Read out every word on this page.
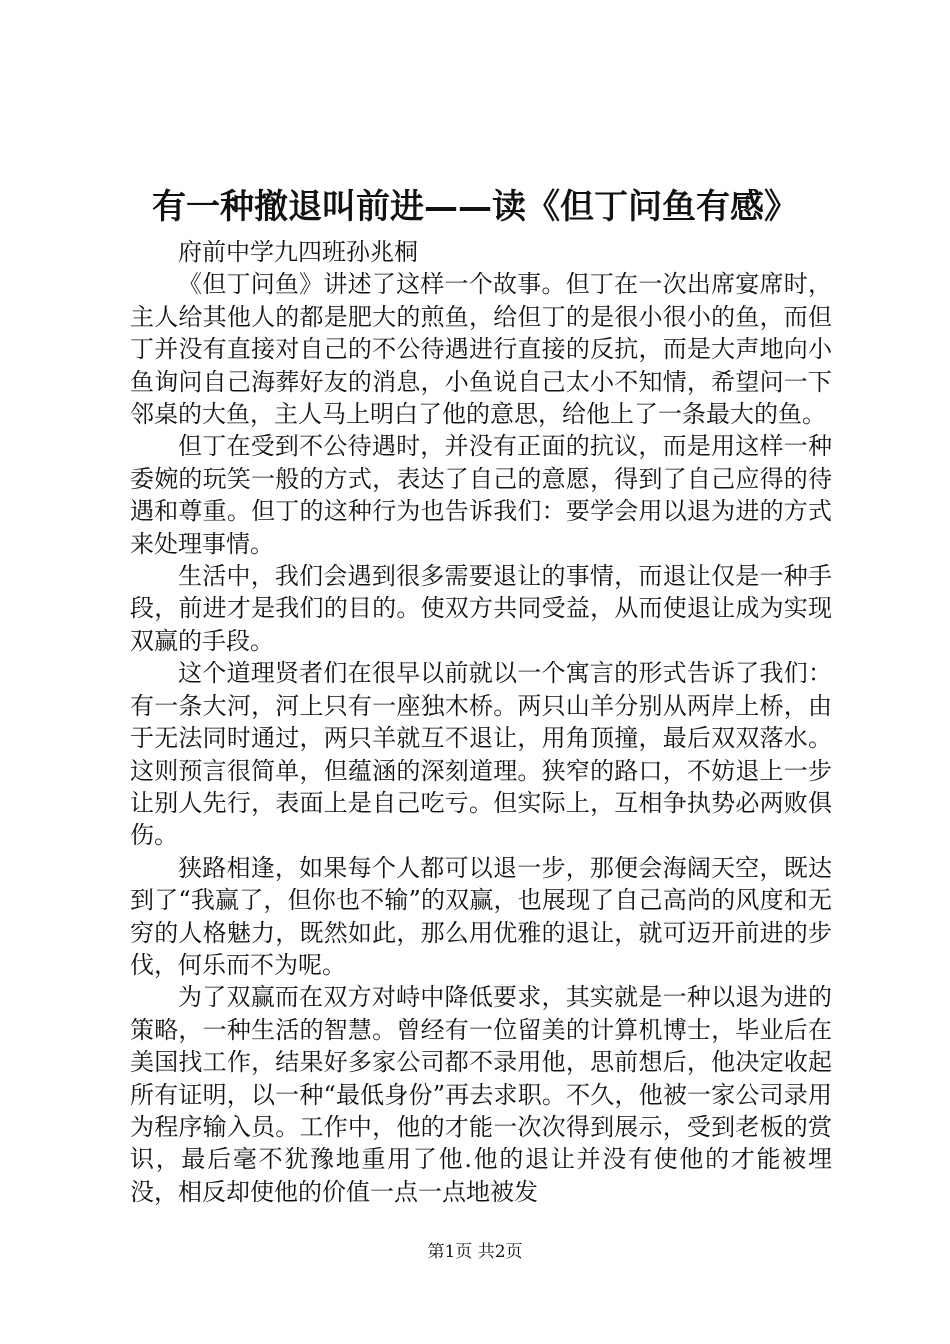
有一种撤退叫前进——读《但丁问鱼有感》

府前中学九四班孙兆桐

《但丁问鱼》讲述了这样一个故事。但丁在一次出席宴席时，主人给其他人的都是肥大的煎鱼，给但丁的是很小很小的鱼，而但丁并没有直接对自己的不公待遇进行直接的反抗，而是大声地向小鱼询问自己海葬好友的消息，小鱼说自己太小不知情，希望问一下邻桌的大鱼，主人马上明白了他的意思，给他上了一条最大的鱼。

但丁在受到不公待遇时，并没有正面的抗议，而是用这样一种委婉的玩笑一般的方式，表达了自己的意愿，得到了自己应得的待遇和尊重。但丁的这种行为也告诉我们：要学会用以退为进的方式来处理事情。

生活中，我们会遇到很多需要退让的事情，而退让仅是一种手段，前进才是我们的目的。使双方共同受益，从而使退让成为实现双赢的手段。

这个道理贤者们在很早以前就以一个寓言的形式告诉了我们：有一条大河，河上只有一座独木桥。两只山羊分别从两岸上桥，由于无法同时通过，两只羊就互不退让，用角顶撞，最后双双落水。这则预言很简单，但蕴涵的深刻道理。狭窄的路口，不妨退上一步让别人先行，表面上是自己吃亏。但实际上，互相争执势必两败俱伤。

狭路相逢，如果每个人都可以退一步，那便会海阔天空，既达到了“我赢了，但你也不输”的双赢，也展现了自己高尚的风度和无穷的人格魅力，既然如此，那么用优雅的退让，就可迈开前进的步伐，何乐而不为呢。

为了双赢而在双方对峙中降低要求，其实就是一种以退为进的策略，一种生活的智慧。曾经有一位留美的计算机博士，毕业后在美国找工作，结果好多家公司都不录用他，思前想后，他决定收起所有证明，以一种“最低身份”再去求职。不久，他被一家公司录用为程序输入员。工作中，他的才能一次次得到展示，受到老板的赏识，最后毫不犹豫地重用了他.他的退让并没有使他的才能被埋没，相反却使他的价值一点一点地被发

第1页 共2页
